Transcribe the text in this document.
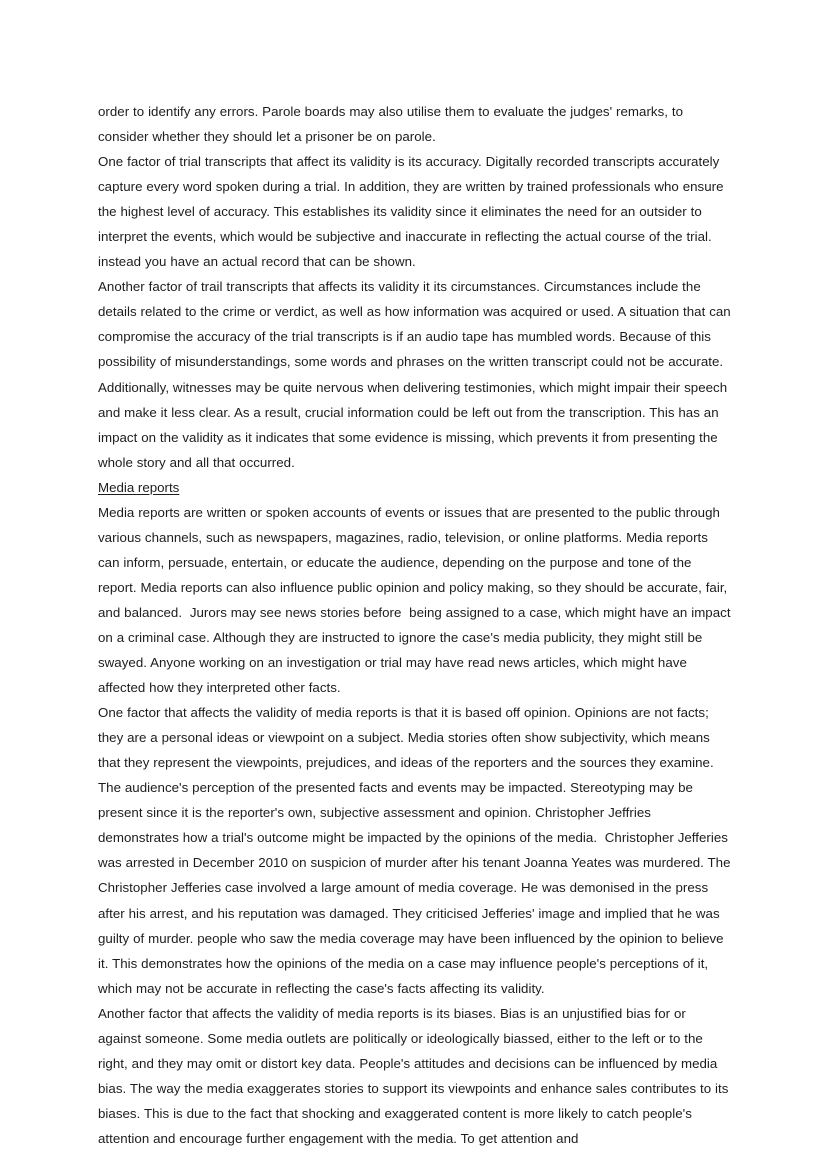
order to identify any errors. Parole boards may also utilise them to evaluate the judges' remarks, to consider whether they should let a prisoner be on parole.

One factor of trial transcripts that affect its validity is its accuracy. Digitally recorded transcripts accurately capture every word spoken during a trial. In addition, they are written by trained professionals who ensure the highest level of accuracy. This establishes its validity since it eliminates the need for an outsider to interpret the events, which would be subjective and inaccurate in reflecting the actual course of the trial. instead you have an actual record that can be shown.

Another factor of trail transcripts that affects its validity it its circumstances. Circumstances include the details related to the crime or verdict, as well as how information was acquired or used. A situation that can compromise the accuracy of the trial transcripts is if an audio tape has mumbled words. Because of this possibility of misunderstandings, some words and phrases on the written transcript could not be accurate. Additionally, witnesses may be quite nervous when delivering testimonies, which might impair their speech and make it less clear. As a result, crucial information could be left out from the transcription. This has an impact on the validity as it indicates that some evidence is missing, which prevents it from presenting the whole story and all that occurred.

Media reports

Media reports are written or spoken accounts of events or issues that are presented to the public through various channels, such as newspapers, magazines, radio, television, or online platforms. Media reports can inform, persuade, entertain, or educate the audience, depending on the purpose and tone of the report. Media reports can also influence public opinion and policy making, so they should be accurate, fair, and balanced.  Jurors may see news stories before  being assigned to a case, which might have an impact on a criminal case. Although they are instructed to ignore the case's media publicity, they might still be swayed. Anyone working on an investigation or trial may have read news articles, which might have affected how they interpreted other facts.

One factor that affects the validity of media reports is that it is based off opinion. Opinions are not facts; they are a personal ideas or viewpoint on a subject. Media stories often show subjectivity, which means that they represent the viewpoints, prejudices, and ideas of the reporters and the sources they examine. The audience's perception of the presented facts and events may be impacted. Stereotyping may be present since it is the reporter's own, subjective assessment and opinion. Christopher Jeffries demonstrates how a trial's outcome might be impacted by the opinions of the media.  Christopher Jefferies was arrested in December 2010 on suspicion of murder after his tenant Joanna Yeates was murdered. The Christopher Jefferies case involved a large amount of media coverage. He was demonised in the press after his arrest, and his reputation was damaged. They criticised Jefferies' image and implied that he was guilty of murder. people who saw the media coverage may have been influenced by the opinion to believe it. This demonstrates how the opinions of the media on a case may influence people's perceptions of it, which may not be accurate in reflecting the case's facts affecting its validity.

Another factor that affects the validity of media reports is its biases. Bias is an unjustified bias for or against someone. Some media outlets are politically or ideologically biassed, either to the left or to the right, and they may omit or distort key data. People's attitudes and decisions can be influenced by media bias. The way the media exaggerates stories to support its viewpoints and enhance sales contributes to its biases. This is due to the fact that shocking and exaggerated content is more likely to catch people's attention and encourage further engagement with the media. To get attention and
